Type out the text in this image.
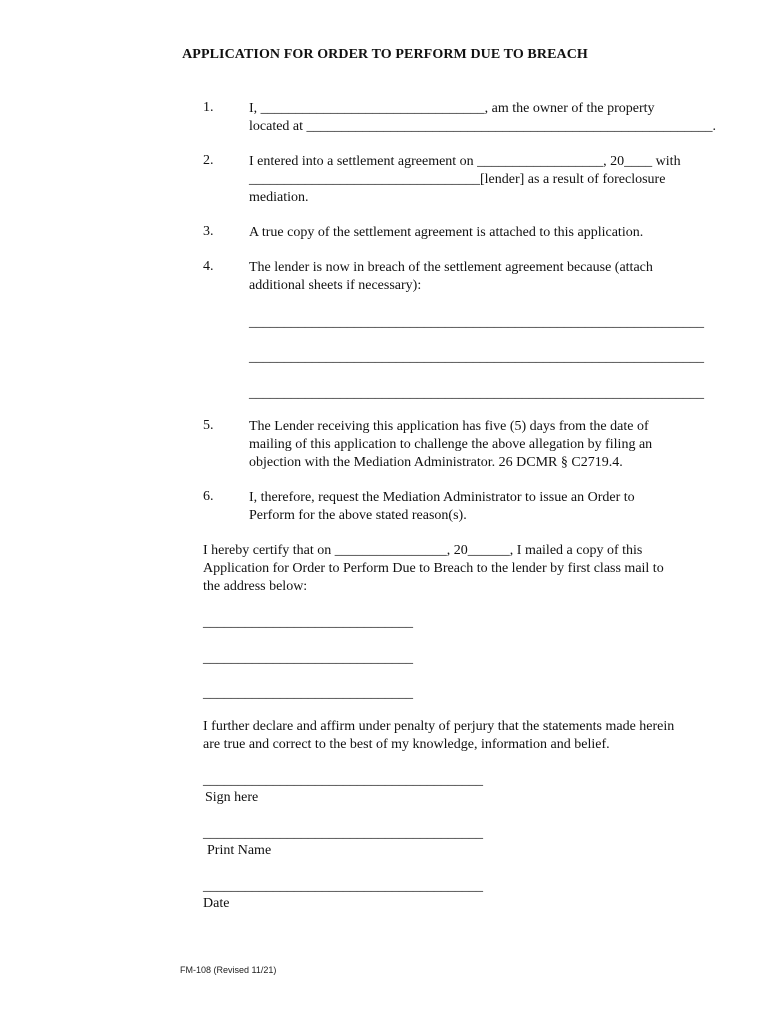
APPLICATION FOR ORDER TO PERFORM DUE TO BREACH
1.	I, ________________________________, am the owner of the property
located at __________________________________________________________.
2.	I entered into a settlement agreement on __________________, 20____ with
_________________________________[lender] as a result of foreclosure
mediation.
3.	A true copy of the settlement agreement is attached to this application.
4.	The lender is now in breach of the settlement agreement because (attach
additional sheets if necessary):
_________________________________________________________________
_________________________________________________________________
_________________________________________________________________
5.	The Lender receiving this application has five (5) days from the date of
mailing of this application to challenge the above allegation by filing an
objection with the Mediation Administrator. 26 DCMR § C2719.4.
6.	I, therefore, request the Mediation Administrator to issue an Order to
Perform for the above stated reason(s).
I hereby certify that on ________________, 20______, I mailed a copy of this
Application for Order to Perform Due to Breach to the lender by first class mail to
the address below:
______________________________
______________________________
______________________________
I further declare and affirm under penalty of perjury that the statements made herein
are true and correct to the best of my knowledge, information and belief.
________________________________________
Sign here
________________________________________
Print Name
________________________________________
Date
FM-108 (Revised 11/21)
